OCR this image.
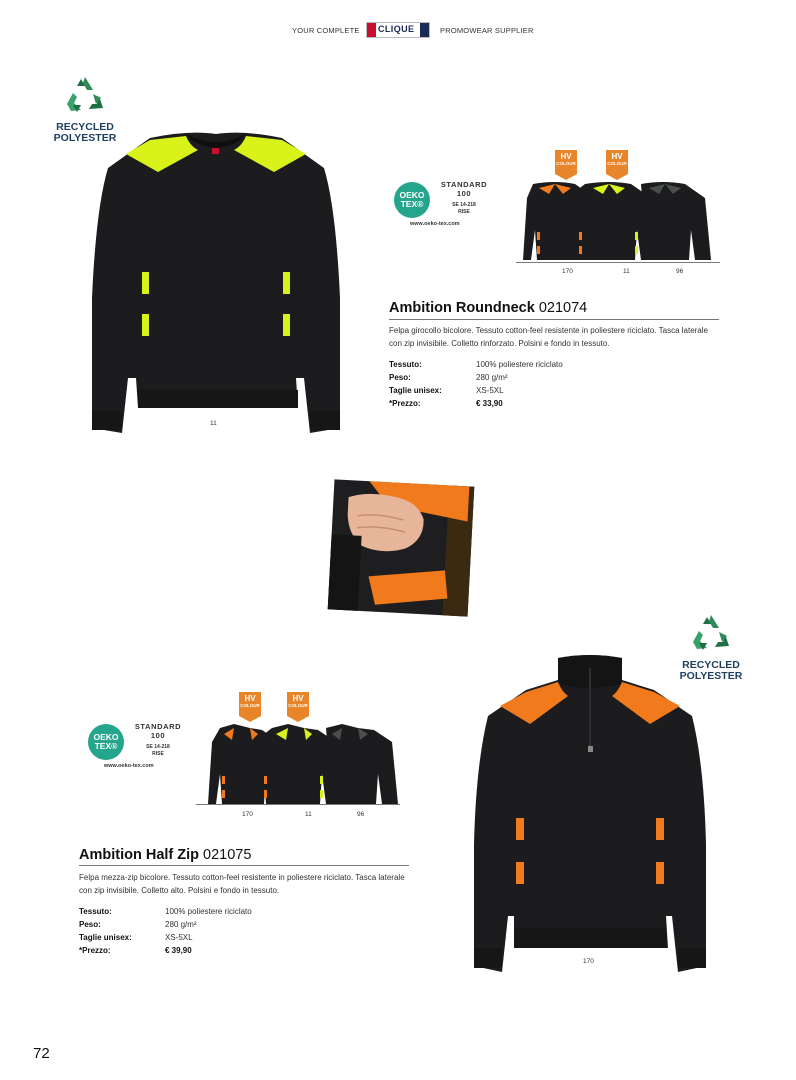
YOUR COMPLETE CLIQUE	PROMOWEAR SUPPLIER
RECYCLED
POLYESTER
11
OEKO
TEX®
STANDARD
100
SE 14-218
RISE
www.oeko-tex.com
HV
COLOUR
HV
COLOUR
170	11	96
Ambition Roundneck 021074
Felpa girocollo bicolore. Tessuto cotton-feel resistente in poliestere riciclato. Tasca laterale con zip invisibile. Colletto rinforzato. Polsini e fondo in tessuto.
Tessuto:	100% poliestere riciclato
Peso:	280 g/m²
Taglie unisex:	XS-5XL
*Prezzo:	€ 33,90
RECYCLED
POLYESTER
170
OEKO
TEX®
STANDARD
100
SE 14-218
RISE
www.oeko-tex.com
HV
COLOUR
HV
COLOUR
170	11	96
Ambition Half Zip 021075
Felpa mezza-zip bicolore. Tessuto cotton-feel resistente in poliestere riciclato. Tasca laterale con zip invisibile. Colletto alto. Polsini e fondo in tessuto.
Tessuto:	100% poliestere riciclato
Peso:	280 g/m²
Taglie unisex:	XS-5XL
*Prezzo:	€ 39,90
72
